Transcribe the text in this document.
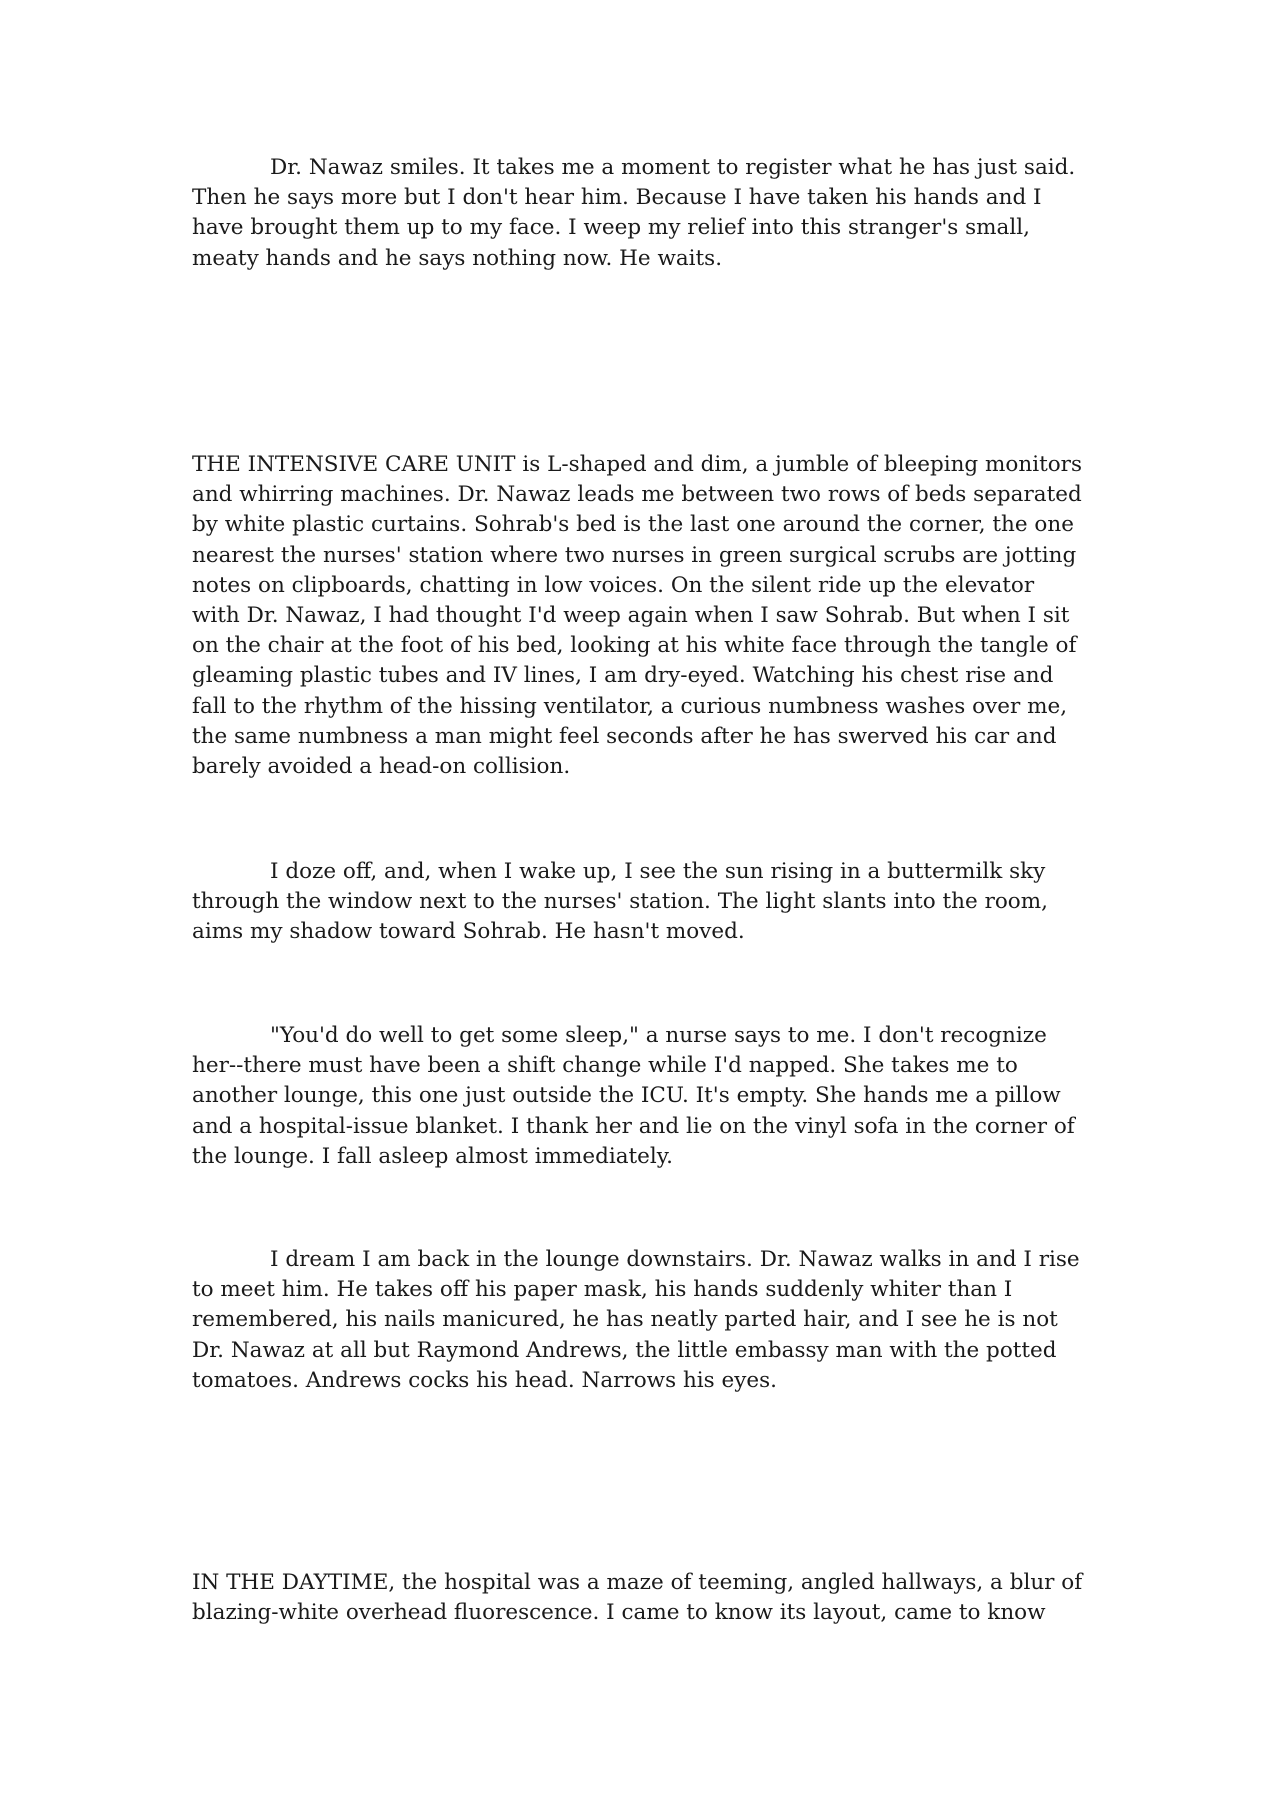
Dr. Nawaz smiles. It takes me a moment to register what he has just said.
Then he says more but I don't hear him. Because I have taken his hands and I
have brought them up to my face. I weep my relief into this stranger's small,
meaty hands and he says nothing now. He waits.

THE INTENSIVE CARE UNIT is L-shaped and dim, a jumble of bleeping monitors
and whirring machines. Dr. Nawaz leads me between two rows of beds separated
by white plastic curtains. Sohrab's bed is the last one around the corner, the one
nearest the nurses' station where two nurses in green surgical scrubs are jotting
notes on clipboards, chatting in low voices. On the silent ride up the elevator
with Dr. Nawaz, I had thought I'd weep again when I saw Sohrab. But when I sit
on the chair at the foot of his bed, looking at his white face through the tangle of
gleaming plastic tubes and IV lines, I am dry-eyed. Watching his chest rise and
fall to the rhythm of the hissing ventilator, a curious numbness washes over me,
the same numbness a man might feel seconds after he has swerved his car and
barely avoided a head-on collision.

I doze off, and, when I wake up, I see the sun rising in a buttermilk sky
through the window next to the nurses' station. The light slants into the room,
aims my shadow toward Sohrab. He hasn't moved.

"You'd do well to get some sleep," a nurse says to me. I don't recognize
her--there must have been a shift change while I'd napped. She takes me to
another lounge, this one just outside the ICU. It's empty. She hands me a pillow
and a hospital-issue blanket. I thank her and lie on the vinyl sofa in the corner of
the lounge. I fall asleep almost immediately.

I dream I am back in the lounge downstairs. Dr. Nawaz walks in and I rise
to meet him. He takes off his paper mask, his hands suddenly whiter than I
remembered, his nails manicured, he has neatly parted hair, and I see he is not
Dr. Nawaz at all but Raymond Andrews, the little embassy man with the potted
tomatoes. Andrews cocks his head. Narrows his eyes.

IN THE DAYTIME, the hospital was a maze of teeming, angled hallways, a blur of
blazing-white overhead fluorescence. I came to know its layout, came to know
